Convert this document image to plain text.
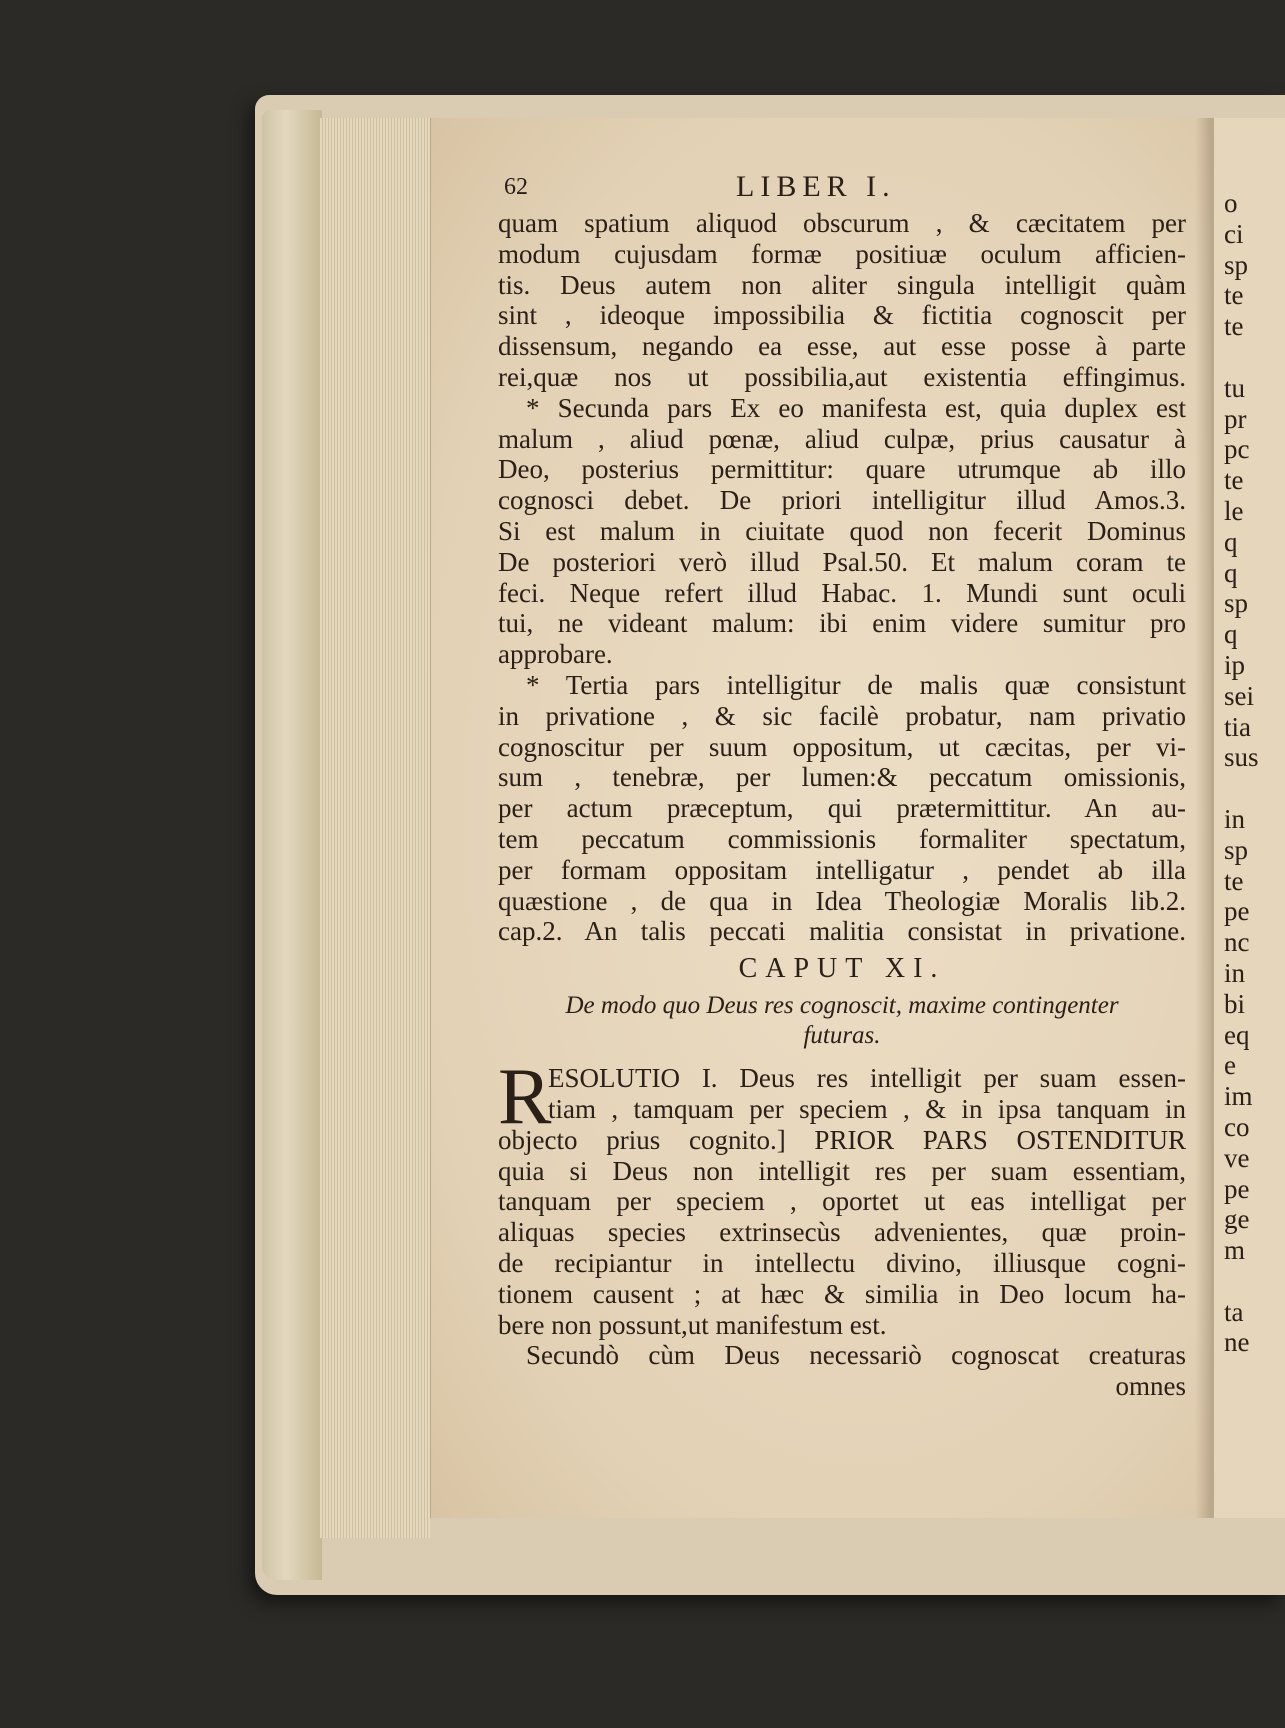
o
ci
sp
te
te
tu
pr
pc
te
le
q
q
sp
q
ip
sei
tia
sus
in
sp
te
pe
nc
in
bi
eq
e
im
co
ve
pe
ge
m
ta
ne
62	LIBER I.
quam spatium aliquod obscurum , & cæcitatem per
modum cujusdam formæ positiuæ oculum afficien-
tis. Deus autem non aliter singula intelligit quàm
sint , ideoque impossibilia & fictitia cognoscit per
dissensum, negando ea esse, aut esse posse à parte
rei,quæ nos ut possibilia,aut existentia effingimus.
* Secunda pars Ex eo manifesta est, quia duplex est
malum , aliud pœnæ, aliud culpæ, prius causatur à
Deo, posterius permittitur: quare utrumque ab illo
cognosci debet. De priori intelligitur illud Amos.3.
Si est malum in ciuitate quod non fecerit Dominus
De posteriori verò illud Psal.50. Et malum coram te
feci. Neque refert illud Habac. 1. Mundi sunt oculi
tui, ne videant malum: ibi enim videre sumitur pro
approbare.
* Tertia pars intelligitur de malis quæ consistunt
in privatione , & sic facilè probatur, nam privatio
cognoscitur per suum oppositum, ut cæcitas, per vi-
sum , tenebræ, per lumen:& peccatum omissionis,
per actum præceptum, qui prætermittitur. An au-
tem peccatum commissionis formaliter spectatum,
per formam oppositam intelligatur , pendet ab illa
quæstione , de qua in Idea Theologiæ Moralis lib.2.
cap.2. An talis peccati malitia consistat in privatione.
CAPUT XI.
De modo quo Deus res cognoscit, maxime contingenter
futuras.
R
ESOLUTIO I. Deus res intelligit per suam essen-
tiam , tamquam per speciem , & in ipsa tanquam in
objecto prius cognito.] PRIOR PARS OSTENDITUR
quia si Deus non intelligit res per suam essentiam,
tanquam per speciem , oportet ut eas intelligat per
aliquas species extrinsecùs advenientes, quæ proin-
de recipiantur in intellectu divino, illiusque cogni-
tionem causent ; at hæc & similia in Deo locum ha-
bere non possunt,ut manifestum est.
Secundò cùm Deus necessariò cognoscat creaturas
omnes
